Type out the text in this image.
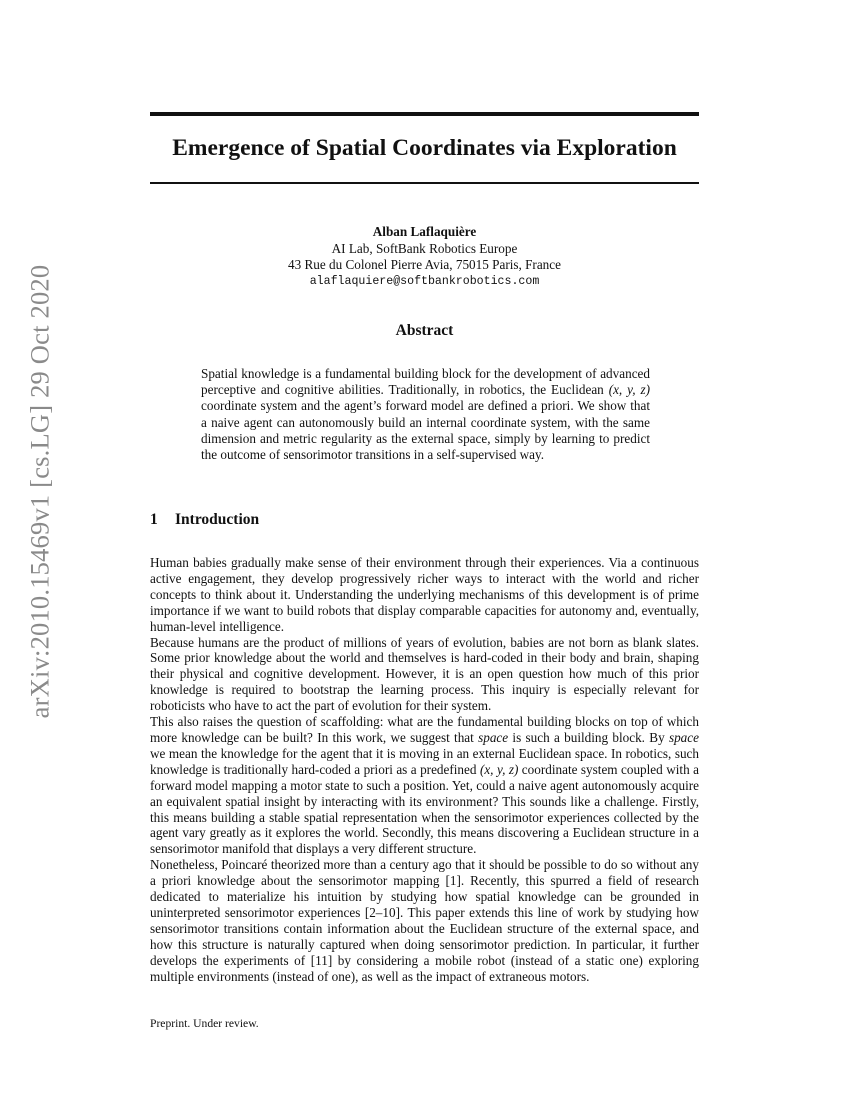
arXiv:2010.15469v1 [cs.LG] 29 Oct 2020
Emergence of Spatial Coordinates via Exploration
Alban Laflaquière
AI Lab, SoftBank Robotics Europe
43 Rue du Colonel Pierre Avia, 75015 Paris, France
alaflaquiere@softbankrobotics.com
Abstract

Spatial knowledge is a fundamental building block for the development of advanced perceptive and cognitive abilities. Traditionally, in robotics, the Euclidean (x, y, z) coordinate system and the agent’s forward model are defined a priori. We show that a naive agent can autonomously build an internal coordinate system, with the same dimension and metric regularity as the external space, simply by learning to predict the outcome of sensorimotor transitions in a self-supervised way.

1 Introduction

Human babies gradually make sense of their environment through their experiences. Via a continuous active engagement, they develop progressively richer ways to interact with the world and richer concepts to think about it. Understanding the underlying mechanisms of this development is of prime importance if we want to build robots that display comparable capacities for autonomy and, eventually, human-level intelligence.

Because humans are the product of millions of years of evolution, babies are not born as blank slates. Some prior knowledge about the world and themselves is hard-coded in their body and brain, shaping their physical and cognitive development. However, it is an open question how much of this prior knowledge is required to bootstrap the learning process. This inquiry is especially relevant for roboticists who have to act the part of evolution for their system.

This also raises the question of scaffolding: what are the fundamental building blocks on top of which more knowledge can be built? In this work, we suggest that space is such a building block. By space we mean the knowledge for the agent that it is moving in an external Euclidean space. In robotics, such knowledge is traditionally hard-coded a priori as a predefined (x, y, z) coordinate system coupled with a forward model mapping a motor state to such a position. Yet, could a naive agent autonomously acquire an equivalent spatial insight by interacting with its environment? This sounds like a challenge. Firstly, this means building a stable spatial representation when the sensorimotor experiences collected by the agent vary greatly as it explores the world. Secondly, this means discovering a Euclidean structure in a sensorimotor manifold that displays a very different structure.

Nonetheless, Poincaré theorized more than a century ago that it should be possible to do so without any a priori knowledge about the sensorimotor mapping [1]. Recently, this spurred a field of research dedicated to materialize his intuition by studying how spatial knowledge can be grounded in uninterpreted sensorimotor experiences [2–10]. This paper extends this line of work by studying how sensorimotor transitions contain information about the Euclidean structure of the external space, and how this structure is naturally captured when doing sensorimotor prediction. In particular, it further develops the experiments of [11] by considering a mobile robot (instead of a static one) exploring multiple environments (instead of one), as well as the impact of extraneous motors.

Preprint. Under review.
